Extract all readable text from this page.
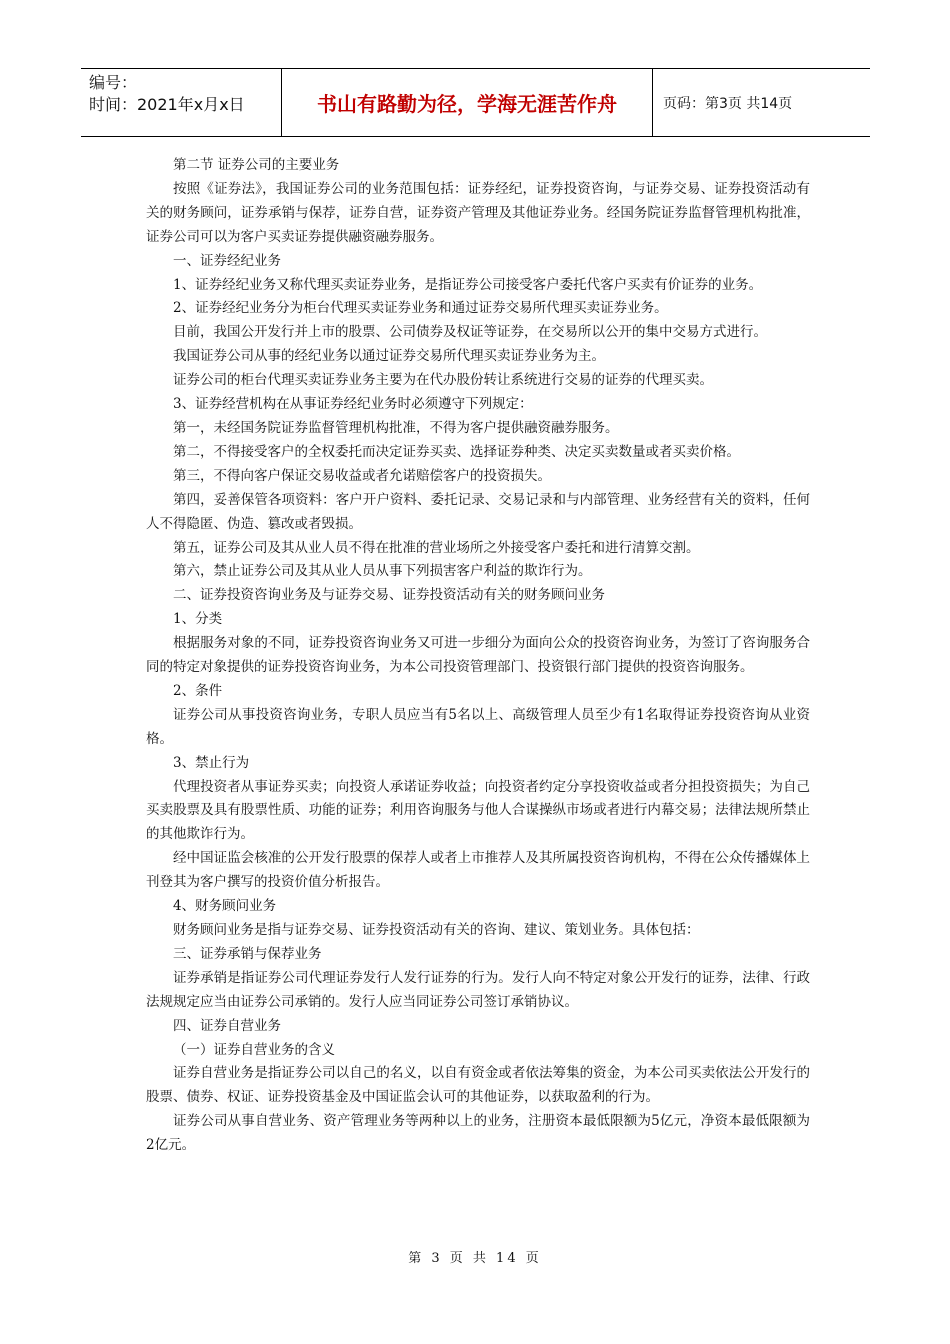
编号：
时间：2021年x月x日	书山有路勤为径，学海无涯苦作舟	页码：第3页 共14页

第二节 证券公司的主要业务

按照《证券法》，我国证券公司的业务范围包括：证券经纪，证券投资咨询，与证券交易、证券投资活动有关的财务顾问，证券承销与保荐，证券自营，证券资产管理及其他证券业务。经国务院证券监督管理机构批准，证券公司可以为客户买卖证券提供融资融券服务。

一、证券经纪业务

1、证券经纪业务又称代理买卖证券业务，是指证券公司接受客户委托代客户买卖有价证券的业务。

2、证券经纪业务分为柜台代理买卖证券业务和通过证券交易所代理买卖证券业务。

目前，我国公开发行并上市的股票、公司债券及权证等证券，在交易所以公开的集中交易方式进行。

我国证券公司从事的经纪业务以通过证券交易所代理买卖证券业务为主。

证券公司的柜台代理买卖证券业务主要为在代办股份转让系统进行交易的证券的代理买卖。

3、证券经营机构在从事证券经纪业务时必须遵守下列规定：

第一，未经国务院证券监督管理机构批准，不得为客户提供融资融券服务。

第二，不得接受客户的全权委托而决定证券买卖、选择证券种类、决定买卖数量或者买卖价格。

第三，不得向客户保证交易收益或者允诺赔偿客户的投资损失。

第四，妥善保管各项资料：客户开户资料、委托记录、交易记录和与内部管理、业务经营有关的资料，任何人不得隐匿、伪造、篡改或者毁损。

第五，证券公司及其从业人员不得在批准的营业场所之外接受客户委托和进行清算交割。

第六，禁止证券公司及其从业人员从事下列损害客户利益的欺诈行为。

二、证券投资咨询业务及与证券交易、证券投资活动有关的财务顾问业务

1、分类

根据服务对象的不同，证券投资咨询业务又可进一步细分为面向公众的投资咨询业务，为签订了咨询服务合同的特定对象提供的证券投资咨询业务，为本公司投资管理部门、投资银行部门提供的投资咨询服务。

2、条件

证券公司从事投资咨询业务，专职人员应当有5名以上、高级管理人员至少有1名取得证券投资咨询从业资格。

3、禁止行为

代理投资者从事证券买卖；向投资人承诺证券收益；向投资者约定分享投资收益或者分担投资损失；为自己买卖股票及具有股票性质、功能的证券；利用咨询服务与他人合谋操纵市场或者进行内幕交易；法律法规所禁止的其他欺诈行为。

经中国证监会核准的公开发行股票的保荐人或者上市推荐人及其所属投资咨询机构，不得在公众传播媒体上刊登其为客户撰写的投资价值分析报告。

4、财务顾问业务

财务顾问业务是指与证券交易、证券投资活动有关的咨询、建议、策划业务。具体包括：

三、证券承销与保荐业务

证券承销是指证券公司代理证券发行人发行证券的行为。发行人向不特定对象公开发行的证券，法律、行政法规规定应当由证券公司承销的。发行人应当同证券公司签订承销协议。

四、证券自营业务

（一）证券自营业务的含义

证券自营业务是指证券公司以自己的名义，以自有资金或者依法筹集的资金，为本公司买卖依法公开发行的股票、债券、权证、证券投资基金及中国证监会认可的其他证券，以获取盈利的行为。

证券公司从事自营业务、资产管理业务等两种以上的业务，注册资本最低限额为5亿元，净资本最低限额为2亿元。

第 3 页 共 14 页
